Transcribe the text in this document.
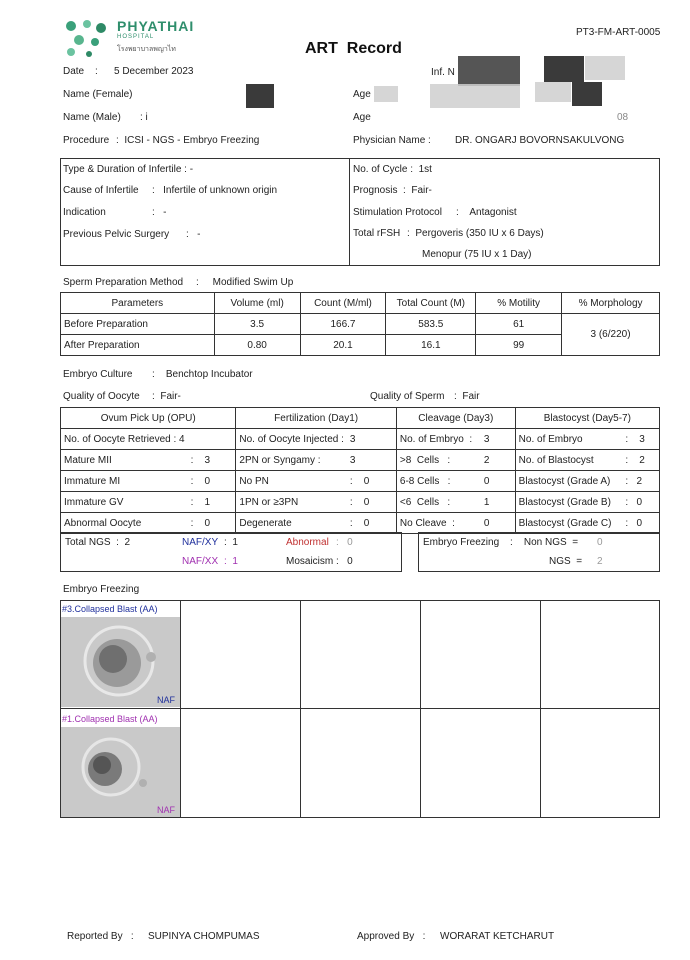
PHYATHAI
HOSPITAL
โรงพยาบาลพญาไท	ART  Record
PT3-FM-ART-0005
Date : 5 December 2023	Inf. N
Name (Female)	Age
Name (Male) : i	Age	08
Procedure :  ICSI - NGS - Embryo Freezing	Physician Name : DR. ONGARJ BOVORNSAKULVONG
Type & Duration of Infertile : -
Cause of Infertile :   Infertile of unknown origin
Indication	:   -
Previous Pelvic Surgery :   -
No. of Cycle :  1st
Prognosis :  Fair-
Stimulation Protocol :    Antagonist
Total rFSH :  Pergoveris (350 IU x 6 Days)
Menopur (75 IU x 1 Day)
Sperm Preparation Method :     Modified Swim Up
Parameters	Volume (ml)	Count (M/ml)	Total Count (M)	% Motility	% Morphology
Before Preparation	3.5	166.7	583.5	61	3 (6/220)
After Preparation	0.80	20.1	16.1	99	
Embryo Culture :    Benchtop Incubator
Quality of Oocyte :  Fair-	Quality of Sperm :  Fair
Ovum Pick Up (OPU)		Fertilization (Day1)		Cleavage (Day3)		Blastocyst (Day5-7)	
No. of Oocyte Retrieved : 4		No. of Oocyte Injected :	3	No. of Embryo  :	3	No. of Embryo	:    3
Mature MII	:    3	2PN or Syngamy :	3	>8  Cells   :	2	No. of Blastocyst	:    2
Immature MI	:    0	No PN	:    0	6-8 Cells   :	0	Blastocyst (Grade A)	:   2
Immature GV	:    1	1PN or ≥3PN	:    0	<6  Cells   :	1	Blastocyst (Grade B)	:   0
Abnormal Oocyte	:    0	Degenerate	:    0	No Cleave  :	0	Blastocyst (Grade C)	:   0
Total NGS  :  2	NAF/XY :  1	Abnormal :   0
NAF/XX :  1	Mosaicism :   0
Embryo Freezing :    Non NGS  = 0
NGS  = 2
Embryo Freezing
#3.Collapsed Blast (AA)
NAF
#1.Collapsed Blast (AA)
NAF
Reported By   : SUPINYA CHOMPUMAS	Approved By   : WORARAT KETCHARUT
